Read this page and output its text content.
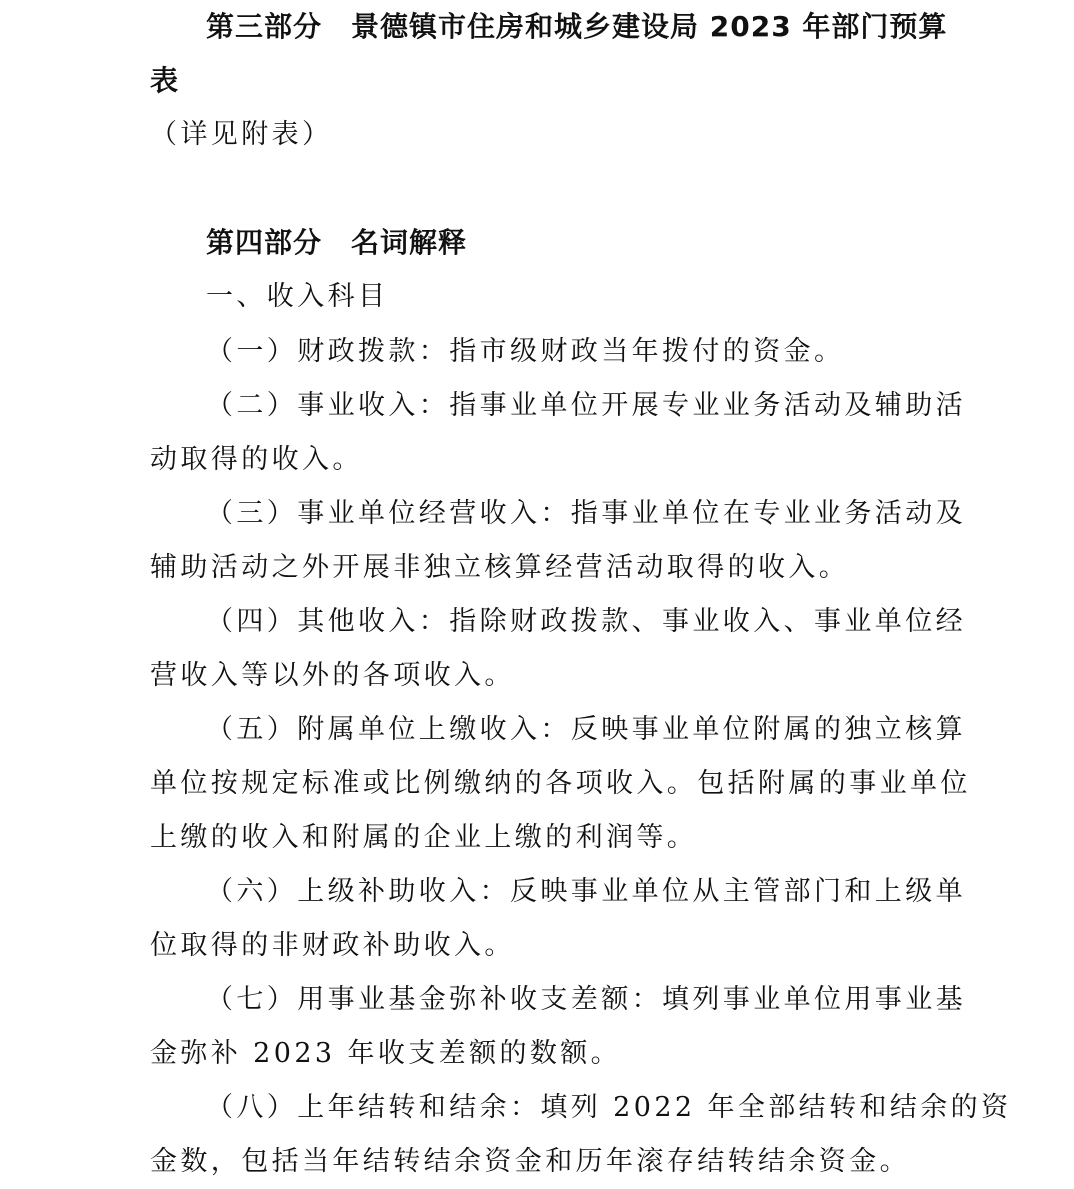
第三部分　景德镇市住房和城乡建设局 2023 年部门预算
表
（详见附表）
第四部分　名词解释
一、收入科目
（一）财政拨款：指市级财政当年拨付的资金。
（二）事业收入：指事业单位开展专业业务活动及辅助活
动取得的收入。
（三）事业单位经营收入：指事业单位在专业业务活动及
辅助活动之外开展非独立核算经营活动取得的收入。
（四）其他收入：指除财政拨款、事业收入、事业单位经
营收入等以外的各项收入。
（五）附属单位上缴收入：反映事业单位附属的独立核算
单位按规定标准或比例缴纳的各项收入。包括附属的事业单位
上缴的收入和附属的企业上缴的利润等。
（六）上级补助收入：反映事业单位从主管部门和上级单
位取得的非财政补助收入。
（七）用事业基金弥补收支差额：填列事业单位用事业基
金弥补 2023 年收支差额的数额。
（八）上年结转和结余：填列 2022 年全部结转和结余的资
金数，包括当年结转结余资金和历年滚存结转结余资金。
